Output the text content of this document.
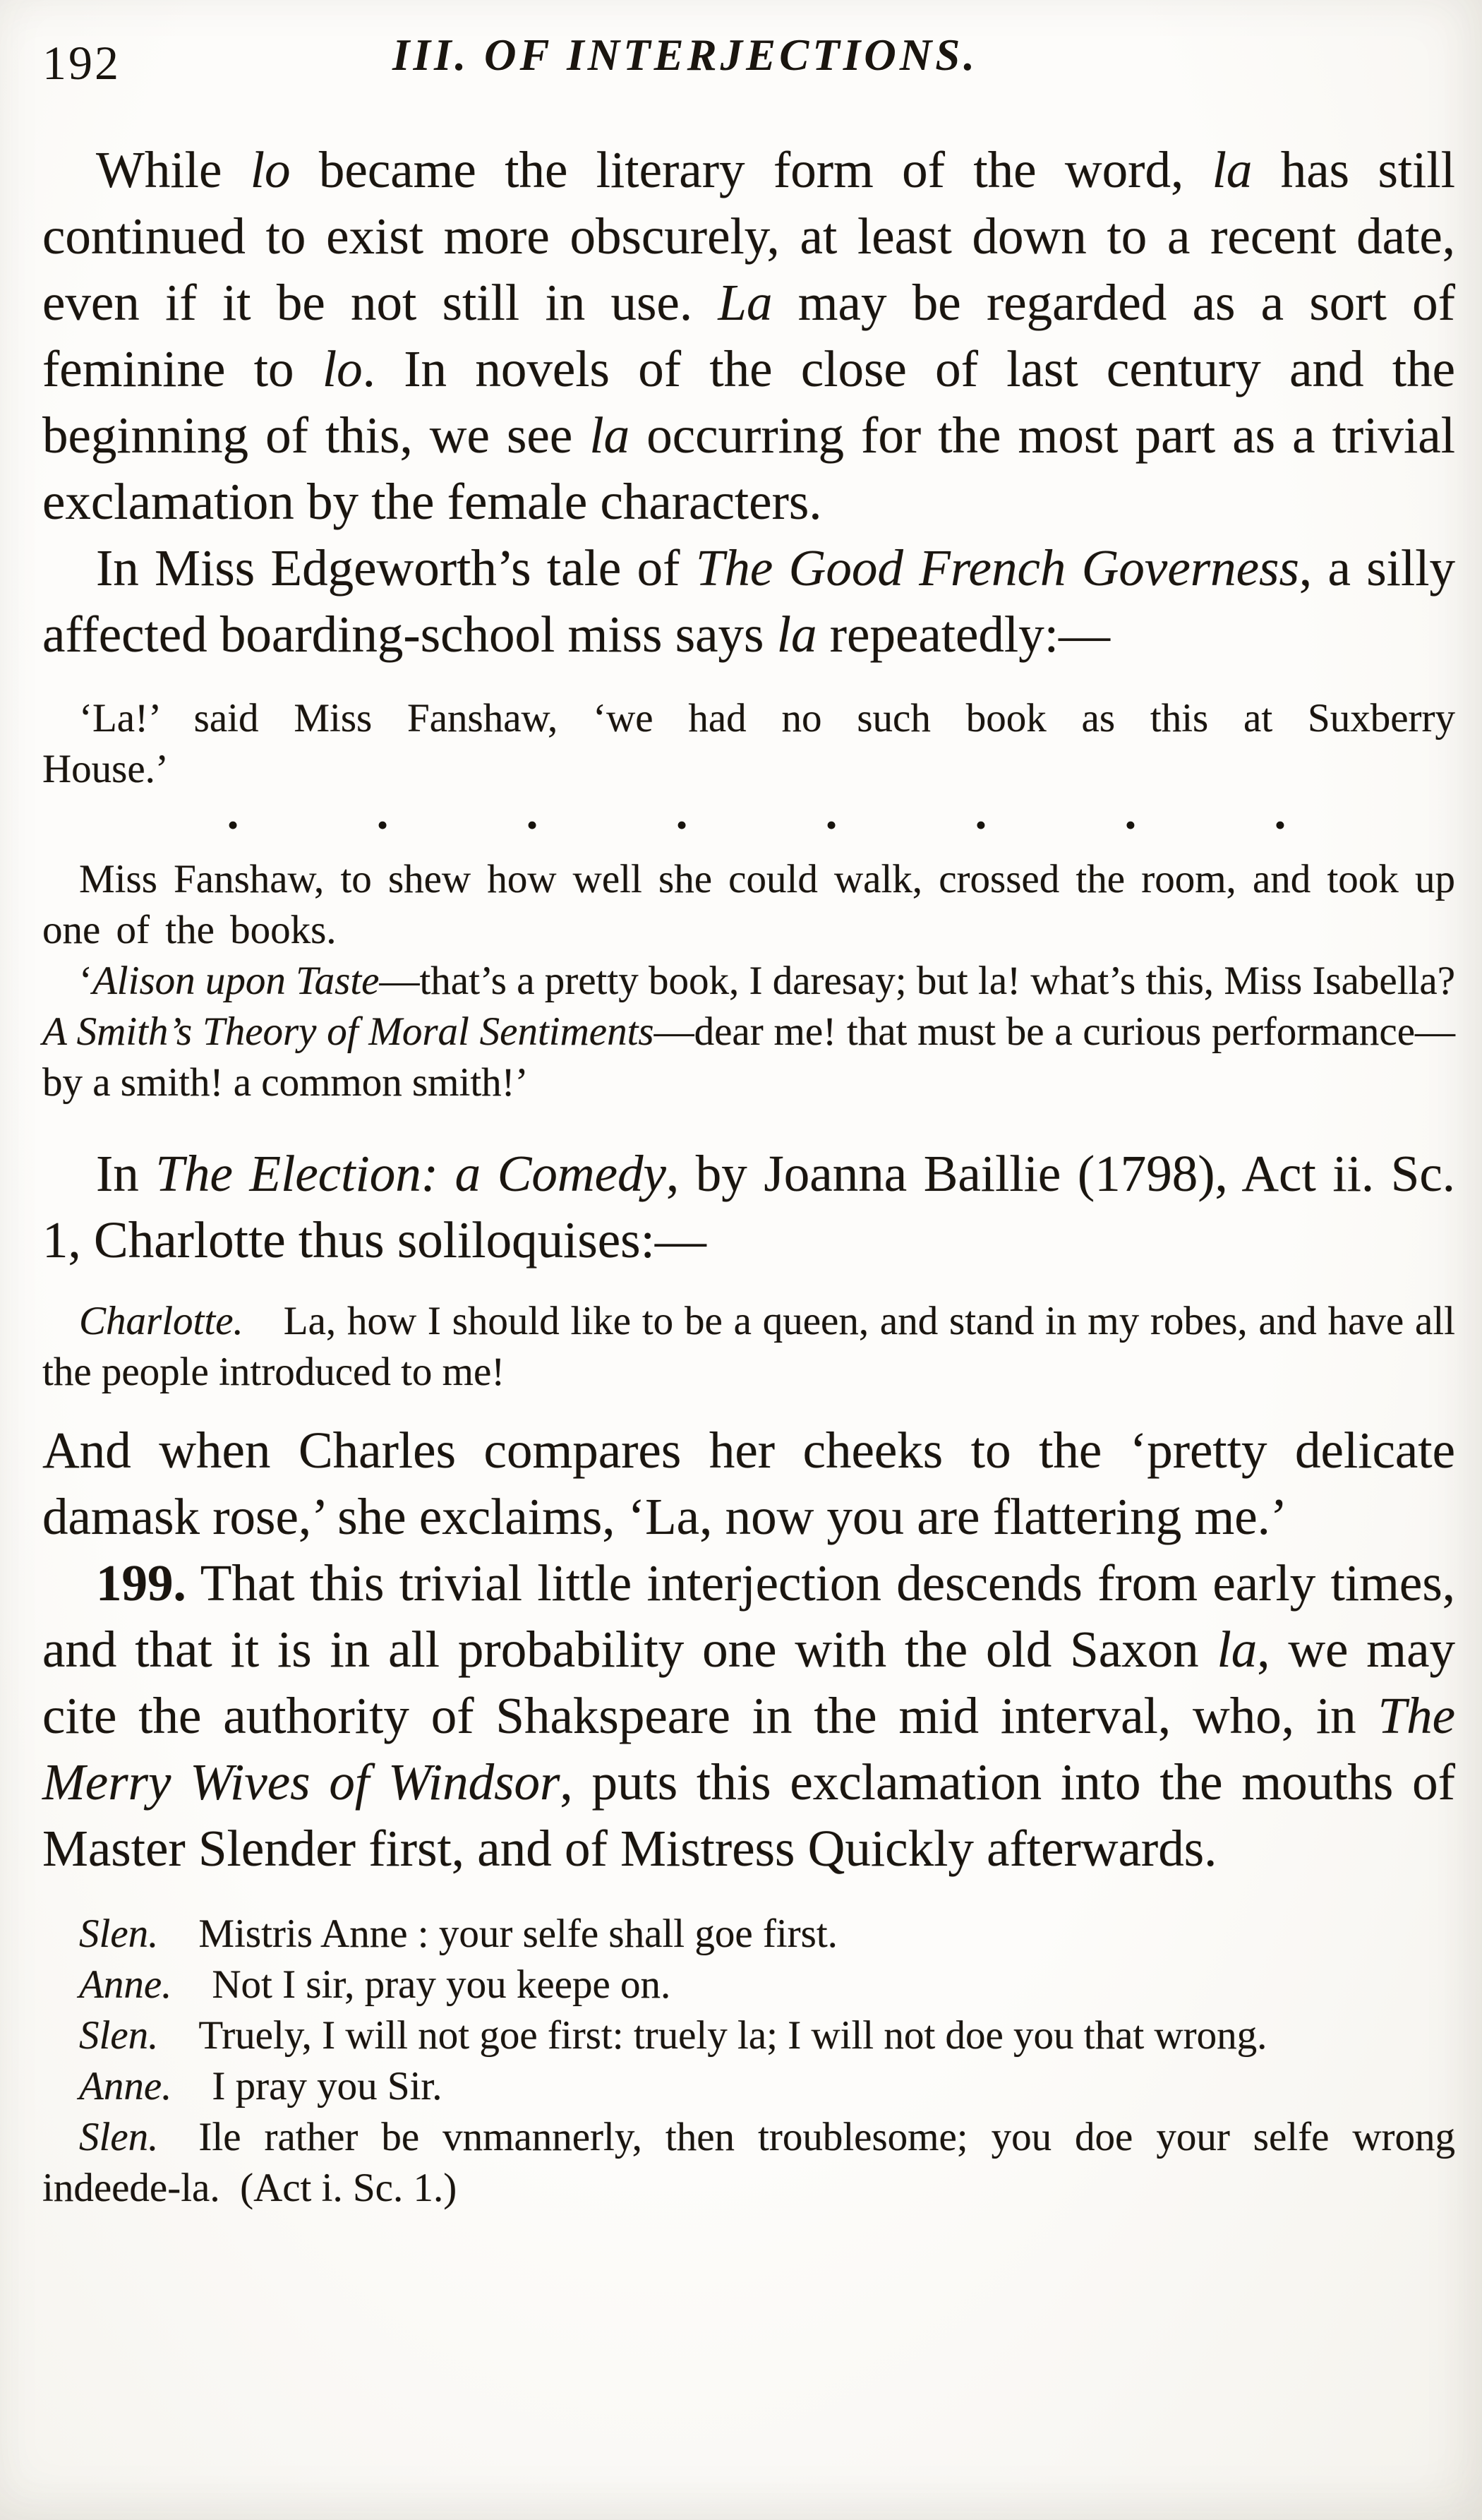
III. OF INTERJECTIONS.
192

While lo became the literary form of the word, la has still continued to exist more obscurely, at least down to a recent date, even if it be not still in use. La may be regarded as a sort of feminine to lo. In novels of the close of last century and the beginning of this, we see la occurring for the most part as a trivial exclamation by the female characters.

In Miss Edgeworth’s tale of The Good French Governess, a silly affected boarding-school miss says la repeatedly:—

‘La!’ said Miss Fanshaw, ‘we had no such book as this at Suxberry House.’

•	•	•	•	•	•	•	•

Miss Fanshaw, to shew how well she could walk, crossed the room, and took up one of the books.

‘Alison upon Taste—that’s a pretty book, I daresay; but la! what’s this, Miss Isabella? A Smith’s Theory of Moral Sentiments—dear me! that must be a curious performance—by a smith! a common smith!’

In The Election: a Comedy, by Joanna Baillie (1798), Act ii. Sc. 1, Charlotte thus soliloquises:—

Charlotte. La, how I should like to be a queen, and stand in my robes, and have all the people introduced to me!

And when Charles compares her cheeks to the ‘pretty delicate damask rose,’ she exclaims, ‘La, now you are flattering me.’

199. That this trivial little interjection descends from early times, and that it is in all probability one with the old Saxon la, we may cite the authority of Shakspeare in the mid interval, who, in The Merry Wives of Windsor, puts this exclamation into the mouths of Master Slender first, and of Mistress Quickly afterwards.

Slen. Mistris Anne : your selfe shall goe first.

Anne. Not I sir, pray you keepe on.

Slen. Truely, I will not goe first: truely la; I will not doe you that wrong.

Anne. I pray you Sir.

Slen. Ile rather be vnmannerly, then troublesome; you doe your selfe wrong indeede-la. (Act i. Sc. 1.)
